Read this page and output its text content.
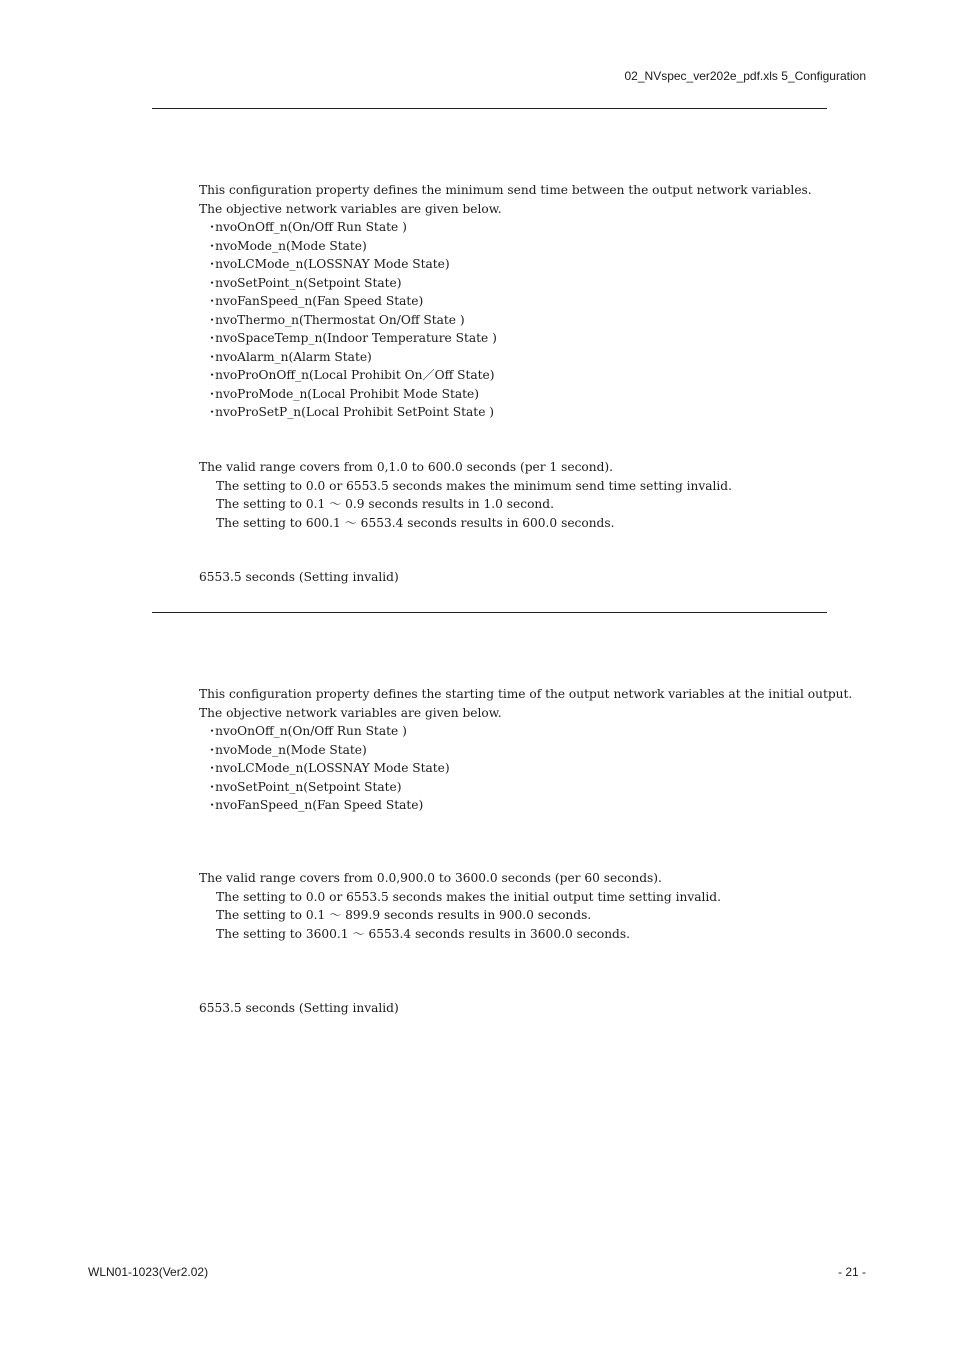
02_NVspec_ver202e_pdf.xls 5_Configuration
This configuration property defines the minimum send time between the output network variables.
The objective network variables are given below.
･nvoOnOff_n(On/Off Run State )
･nvoMode_n(Mode State)
･nvoLCMode_n(LOSSNAY Mode State)
･nvoSetPoint_n(Setpoint State)
･nvoFanSpeed_n(Fan Speed State)
･nvoThermo_n(Thermostat On/Off State )
･nvoSpaceTemp_n(Indoor Temperature State )
･nvoAlarm_n(Alarm State)
･nvoProOnOff_n(Local Prohibit On／Off State)
･nvoProMode_n(Local Prohibit Mode State)
･nvoProSetP_n(Local Prohibit SetPoint State )
The valid range covers from 0,1.0 to 600.0 seconds (per 1 second).
The setting to 0.0 or 6553.5 seconds makes the minimum send time setting invalid.
The setting to 0.1 ～ 0.9 seconds results in 1.0 second.
The setting to 600.1 ～ 6553.4 seconds results in 600.0 seconds.
6553.5 seconds (Setting invalid)
This configuration property defines the starting time of the output network variables at the initial output.
The objective network variables are given below.
･nvoOnOff_n(On/Off Run State )
･nvoMode_n(Mode State)
･nvoLCMode_n(LOSSNAY Mode State)
･nvoSetPoint_n(Setpoint State)
･nvoFanSpeed_n(Fan Speed State)
The valid range covers from 0.0,900.0 to 3600.0 seconds (per 60 seconds).
The setting to 0.0 or 6553.5 seconds makes the initial output time setting invalid.
The setting to 0.1 ～ 899.9 seconds results in 900.0 seconds.
The setting to 3600.1 ～ 6553.4 seconds results in 3600.0 seconds.
6553.5 seconds (Setting invalid)
WLN01-1023(Ver2.02)	- 21 -
